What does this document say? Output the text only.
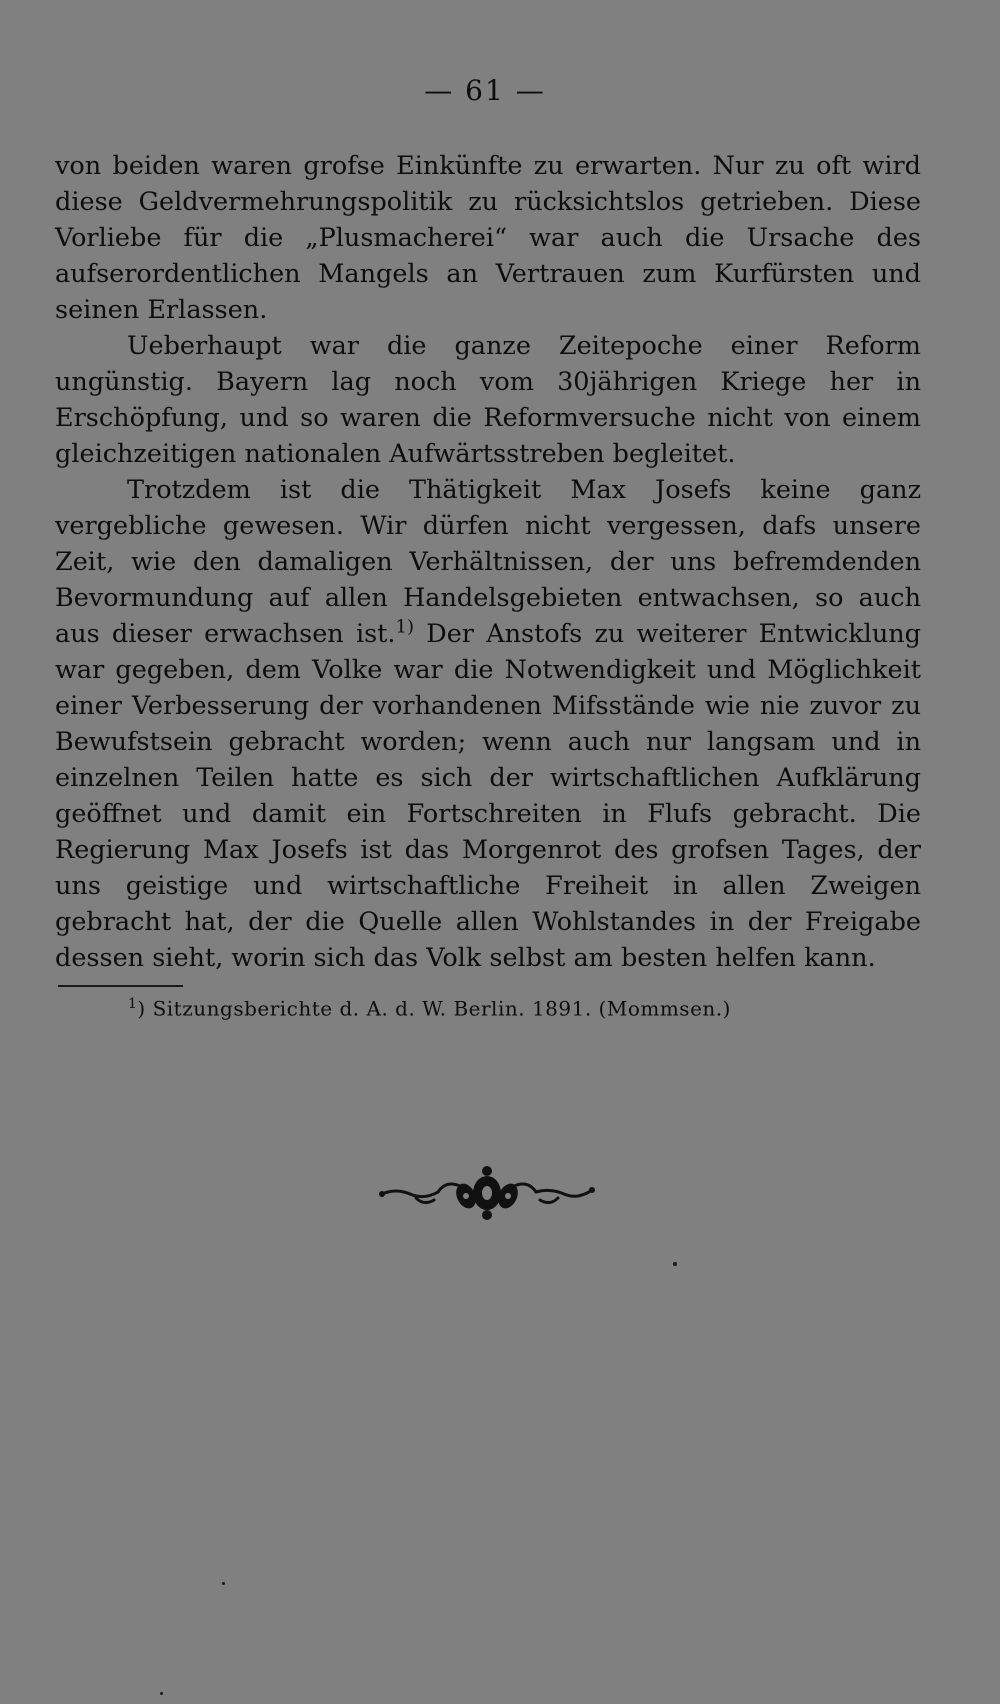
— 61 —

von beiden waren grofse Einkünfte zu erwarten. Nur zu oft wird diese Geldvermehrungspolitik zu rücksichtslos getrieben. Diese Vorliebe für die „Plusmacherei“ war auch die Ursache des aufserordentlichen Mangels an Vertrauen zum Kurfürsten und seinen Erlassen.

Ueberhaupt war die ganze Zeitepoche einer Reform ungünstig. Bayern lag noch vom 30jährigen Kriege her in Erschöpfung, und so waren die Reformversuche nicht von einem gleichzeitigen nationalen Aufwärtsstreben begleitet.

Trotzdem ist die Thätigkeit Max Josefs keine ganz vergebliche gewesen. Wir dürfen nicht vergessen, dafs unsere Zeit, wie den damaligen Verhältnissen, der uns befremdenden Bevormundung auf allen Handelsgebieten entwachsen, so auch aus dieser erwachsen ist.$^{1)}$ Der Anstofs zu weiterer Entwicklung war gegeben, dem Volke war die Notwendigkeit und Möglichkeit einer Verbesserung der vorhandenen Mifsstände wie nie zuvor zu Bewufstsein gebracht worden; wenn auch nur langsam und in einzelnen Teilen hatte es sich der wirtschaftlichen Aufklärung geöffnet und damit ein Fortschreiten in Flufs gebracht. Die Regierung Max Josefs ist das Morgenrot des grofsen Tages, der uns geistige und wirtschaftliche Freiheit in allen Zweigen gebracht hat, der die Quelle allen Wohlstandes in der Freigabe dessen sieht, worin sich das Volk selbst am besten helfen kann.

$^1$) Sitzungsberichte d. A. d. W. Berlin. 1891. (Mommsen.)
